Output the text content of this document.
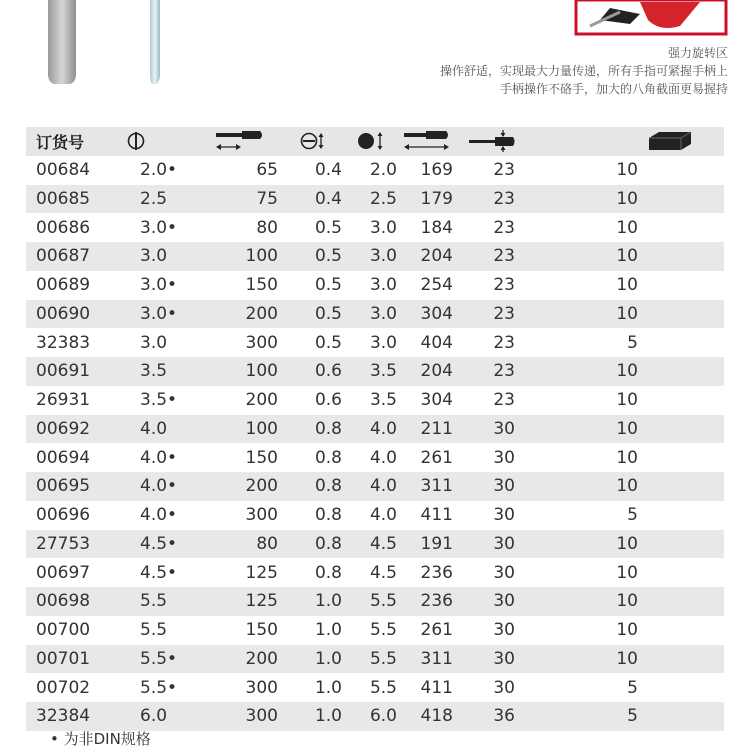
强力旋转区
操作舒适，实现最大力量传递，所有手指可紧握手柄上
手柄操作不硌手，加大的八角截面更易握持
订货号	

00684	2.0•	65	0.4	2.0	169	23	10
00685	2.5	75	0.4	2.5	179	23	10
00686	3.0•	80	0.5	3.0	184	23	10
00687	3.0	100	0.5	3.0	204	23	10
00689	3.0•	150	0.5	3.0	254	23	10
00690	3.0•	200	0.5	3.0	304	23	10
32383	3.0	300	0.5	3.0	404	23	5
00691	3.5	100	0.6	3.5	204	23	10
26931	3.5•	200	0.6	3.5	304	23	10
00692	4.0	100	0.8	4.0	211	30	10
00694	4.0•	150	0.8	4.0	261	30	10
00695	4.0•	200	0.8	4.0	311	30	10
00696	4.0•	300	0.8	4.0	411	30	5
27753	4.5•	80	0.8	4.5	191	30	10
00697	4.5•	125	0.8	4.5	236	30	10
00698	5.5	125	1.0	5.5	236	30	10
00700	5.5	150	1.0	5.5	261	30	10
00701	5.5•	200	1.0	5.5	311	30	10
00702	5.5•	300	1.0	5.5	411	30	5
32384	6.0	300	1.0	6.0	418	36	5
• 为非DIN规格
